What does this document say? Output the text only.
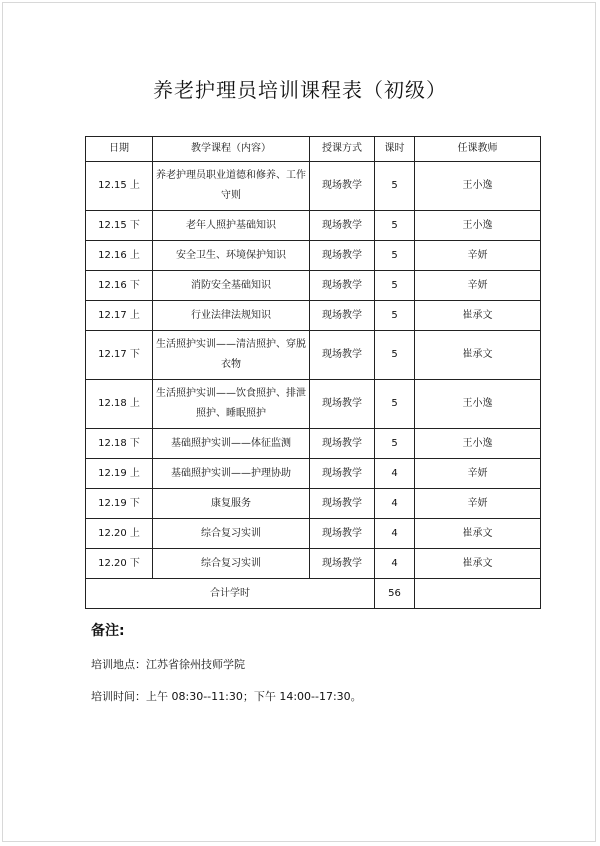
养老护理员培训课程表（初级）
日期	教学课程（内容）	授课方式	课时	任课教师
12.15 上	养老护理员职业道德和修养、工作守则	现场教学	5	王小逸
12.15 下	老年人照护基础知识	现场教学	5	王小逸
12.16 上	安全卫生、环境保护知识	现场教学	5	辛妍
12.16 下	消防安全基础知识	现场教学	5	辛妍
12.17 上	行业法律法规知识	现场教学	5	崔承文
12.17 下	生活照护实训——清洁照护、穿脱衣物	现场教学	5	崔承文
12.18 上	生活照护实训——饮食照护、排泄照护、睡眠照护	现场教学	5	王小逸
12.18 下	基础照护实训——体征监测	现场教学	5	王小逸
12.19 上	基础照护实训——护理协助	现场教学	4	辛妍
12.19 下	康复服务	现场教学	4	辛妍
12.20 上	综合复习实训	现场教学	4	崔承文
12.20 下	综合复习实训	现场教学	4	崔承文
合计学时			56	
备注:
培训地点：江苏省徐州技师学院
培训时间：上午 08:30--11:30；下午 14:00--17:30。
